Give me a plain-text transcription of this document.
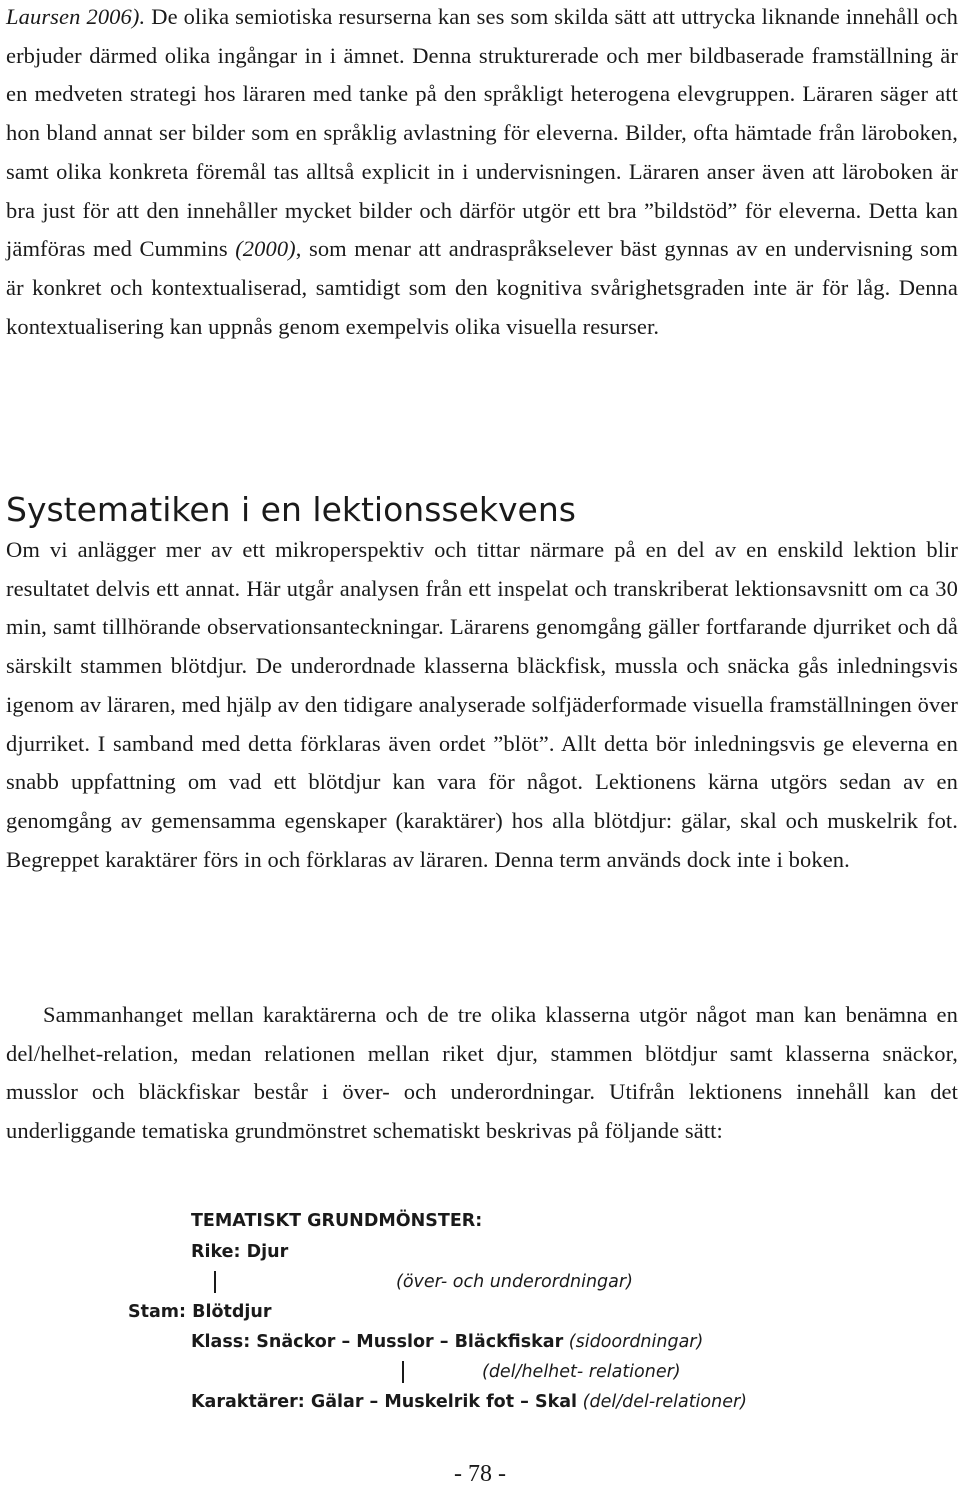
Laursen 2006). De olika semiotiska resurserna kan ses som skilda sätt att uttrycka liknande innehåll och erbjuder därmed olika ingångar in i ämnet. Denna strukturerade och mer bildbaserade framställning är en medveten strategi hos läraren med tanke på den språkligt heterogena elevgruppen. Läraren säger att hon bland annat ser bilder som en språklig avlastning för eleverna. Bilder, ofta hämtade från läroboken, samt olika konkreta föremål tas alltså explicit in i undervisningen. Läraren anser även att läroboken är bra just för att den innehåller mycket bilder och därför utgör ett bra ”bildstöd” för eleverna. Detta kan jämföras med Cummins (2000), som menar att andraspråkselever bäst gynnas av en undervisning som är konkret och kontextualiserad, samtidigt som den kognitiva svårighetsgraden inte är för låg. Denna kontextualisering kan uppnås genom exempelvis olika visuella resurser.

Systematiken i en lektionssekvens

Om vi anlägger mer av ett mikroperspektiv och tittar närmare på en del av en enskild lektion blir resultatet delvis ett annat. Här utgår analysen från ett inspelat och transkriberat lektionsavsnitt om ca 30 min, samt tillhörande observationsanteckningar. Lärarens genomgång gäller fortfarande djurriket och då särskilt stammen blötdjur. De underordnade klasserna bläckfisk, mussla och snäcka gås inledningsvis igenom av läraren, med hjälp av den tidigare analyserade solfjäderformade visuella framställningen över djurriket. I samband med detta förklaras även ordet ”blöt”. Allt detta bör inledningsvis ge eleverna en snabb uppfattning om vad ett blötdjur kan vara för något. Lektionens kärna utgörs sedan av en genomgång av gemensamma egenskaper (karaktärer) hos alla blötdjur: gälar, skal och muskelrik fot. Begreppet karaktärer förs in och förklaras av läraren. Denna term används dock inte i boken.

Sammanhanget mellan karaktärerna och de tre olika klasserna utgör något man kan benämna en del/helhet-relation, medan relationen mellan riket djur, stammen blötdjur samt klasserna snäckor, musslor och bläckfiskar består i över- och underordningar. Utifrån lektionens innehåll kan det underliggande tematiska grundmönstret schematiskt beskrivas på följande sätt:

TEMATISKT GRUNDMÖNSTER:
Rike: Djur
(över- och underordningar)
Stam: Blötdjur
Klass: Snäckor – Musslor – Bläckfiskar (sidoordningar)
(del/helhet- relationer)
Karaktärer: Gälar – Muskelrik fot – Skal (del/del-relationer)
- 78 -
